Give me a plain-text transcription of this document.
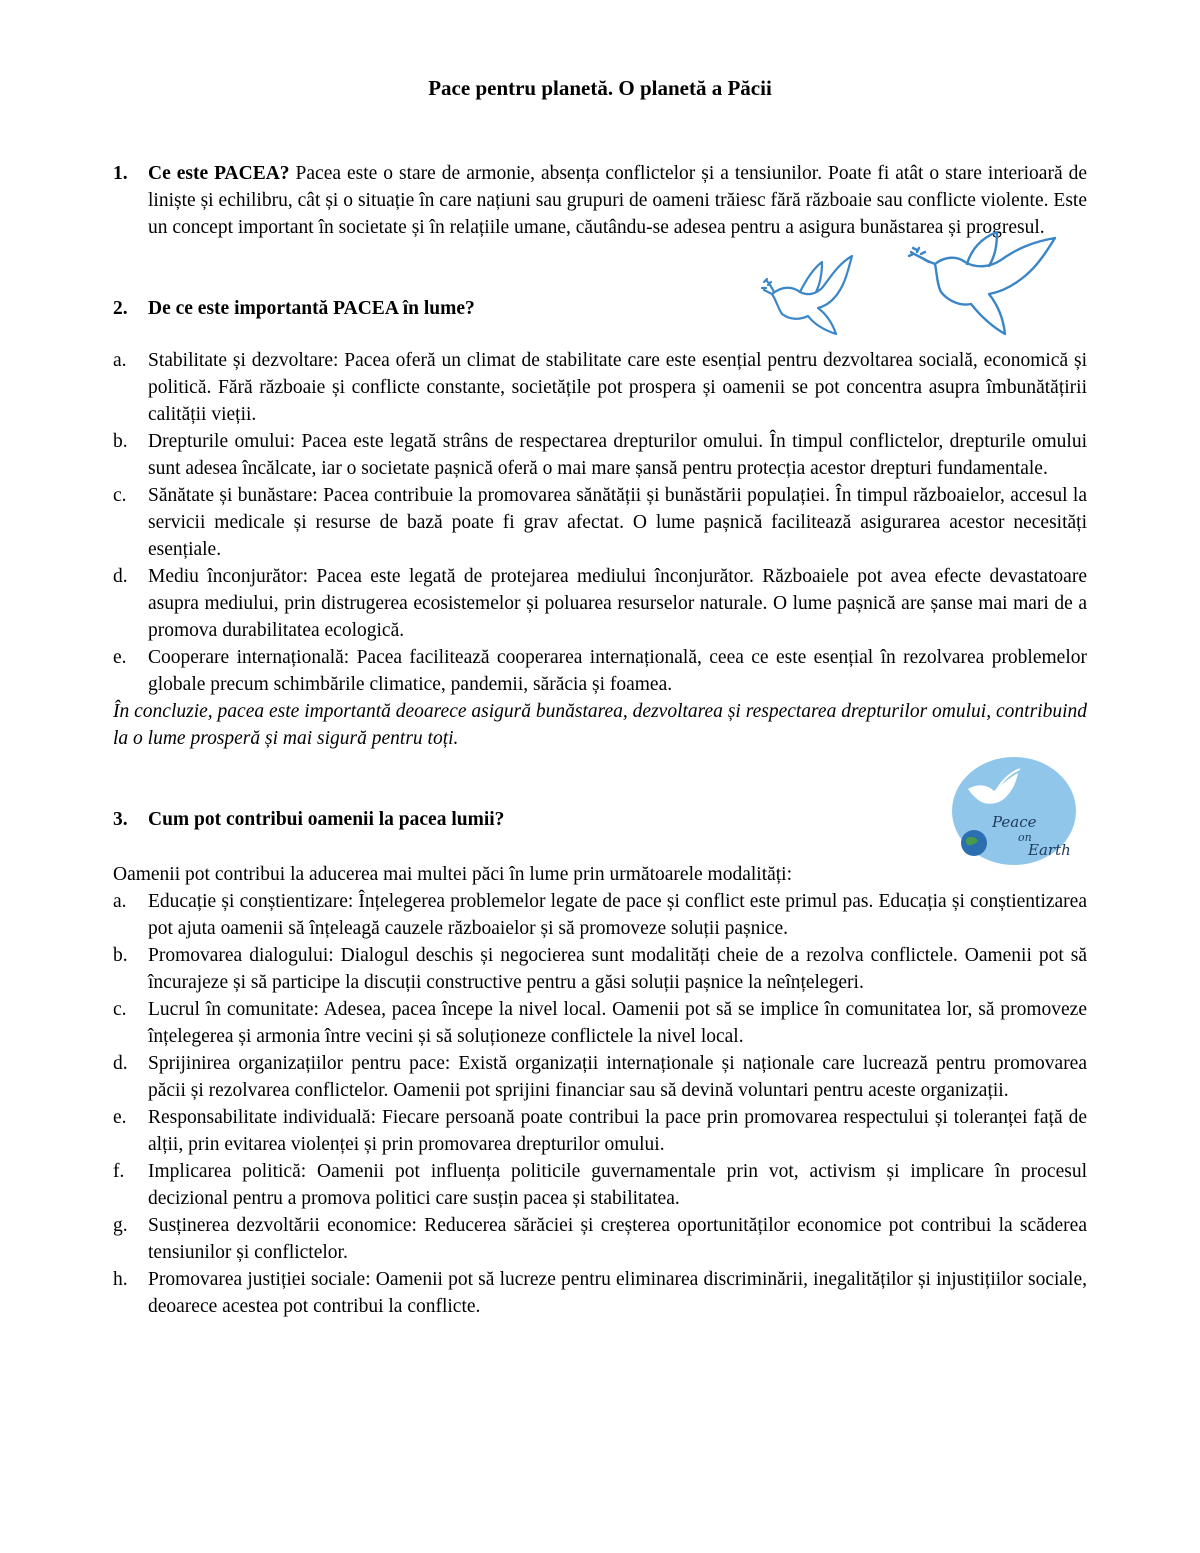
Pace pentru planetă. O planetă a Păcii
1.	Ce este PACEA? Pacea este o stare de armonie, absența conflictelor și a tensiunilor. Poate fi atât o stare interioară de liniște și echilibru, cât și o situație în care națiuni sau grupuri de oameni trăiesc fără războaie sau conflicte violente. Este un concept important în societate și în relațiile umane, căutându-se adesea pentru a asigura bunăstarea și progresul.
2.	De ce este importantă PACEA în lume?
a.	Stabilitate și dezvoltare: Pacea oferă un climat de stabilitate care este esențial pentru dezvoltarea socială, economică și politică. Fără războaie și conflicte constante, societățile pot prospera și oamenii se pot concentra asupra îmbunătățirii calității vieții.
b.	Drepturile omului: Pacea este legată strâns de respectarea drepturilor omului. În timpul conflictelor, drepturile omului sunt adesea încălcate, iar o societate pașnică oferă o mai mare șansă pentru protecția acestor drepturi fundamentale.
c.	Sănătate și bunăstare: Pacea contribuie la promovarea sănătății și bunăstării populației. În timpul războaielor, accesul la servicii medicale și resurse de bază poate fi grav afectat. O lume pașnică facilitează asigurarea acestor necesități esențiale.
d.	Mediu înconjurător: Pacea este legată de protejarea mediului înconjurător. Războaiele pot avea efecte devastatoare asupra mediului, prin distrugerea ecosistemelor și poluarea resurselor naturale. O lume pașnică are șanse mai mari de a promova durabilitatea ecologică.
e.	Cooperare internațională: Pacea facilitează cooperarea internațională, ceea ce este esențial în rezolvarea problemelor globale precum schimbările climatice, pandemii, sărăcia și foamea.
În concluzie, pacea este importantă deoarece asigură bunăstarea, dezvoltarea și respectarea drepturilor omului, contribuind la o lume prosperă și mai sigură pentru toți.
3.	Cum pot contribui oamenii la pacea lumii?
Oamenii pot contribui la aducerea mai multei păci în lume prin următoarele modalități:
a.	Educație și conștientizare: Înțelegerea problemelor legate de pace și conflict este primul pas. Educația și conștientizarea pot ajuta oamenii să înțeleagă cauzele războaielor și să promoveze soluții pașnice.
b.	Promovarea dialogului: Dialogul deschis și negocierea sunt modalități cheie de a rezolva conflictele. Oamenii pot să încurajeze și să participe la discuții constructive pentru a găsi soluții pașnice la neînțelegeri.
c.	Lucrul în comunitate: Adesea, pacea începe la nivel local. Oamenii pot să se implice în comunitatea lor, să promoveze înțelegerea și armonia între vecini și să soluționeze conflictele la nivel local.
d.	Sprijinirea organizațiilor pentru pace: Există organizații internaționale și naționale care lucrează pentru promovarea păcii și rezolvarea conflictelor. Oamenii pot sprijini financiar sau să devină voluntari pentru aceste organizații.
e.	Responsabilitate individuală: Fiecare persoană poate contribui la pace prin promovarea respectului și toleranței față de alții, prin evitarea violenței și prin promovarea drepturilor omului.
f.	Implicarea politică: Oamenii pot influența politicile guvernamentale prin vot, activism și implicare în procesul decizional pentru a promova politici care susțin pacea și stabilitatea.
g.	Susținerea dezvoltării economice: Reducerea sărăciei și creșterea oportunităților economice pot contribui la scăderea tensiunilor și conflictelor.
h.	Promovarea justiției sociale: Oamenii pot să lucreze pentru eliminarea discriminării, inegalităților și injustițiilor sociale, deoarece acestea pot contribui la conflicte.
Peace
on
Earth
